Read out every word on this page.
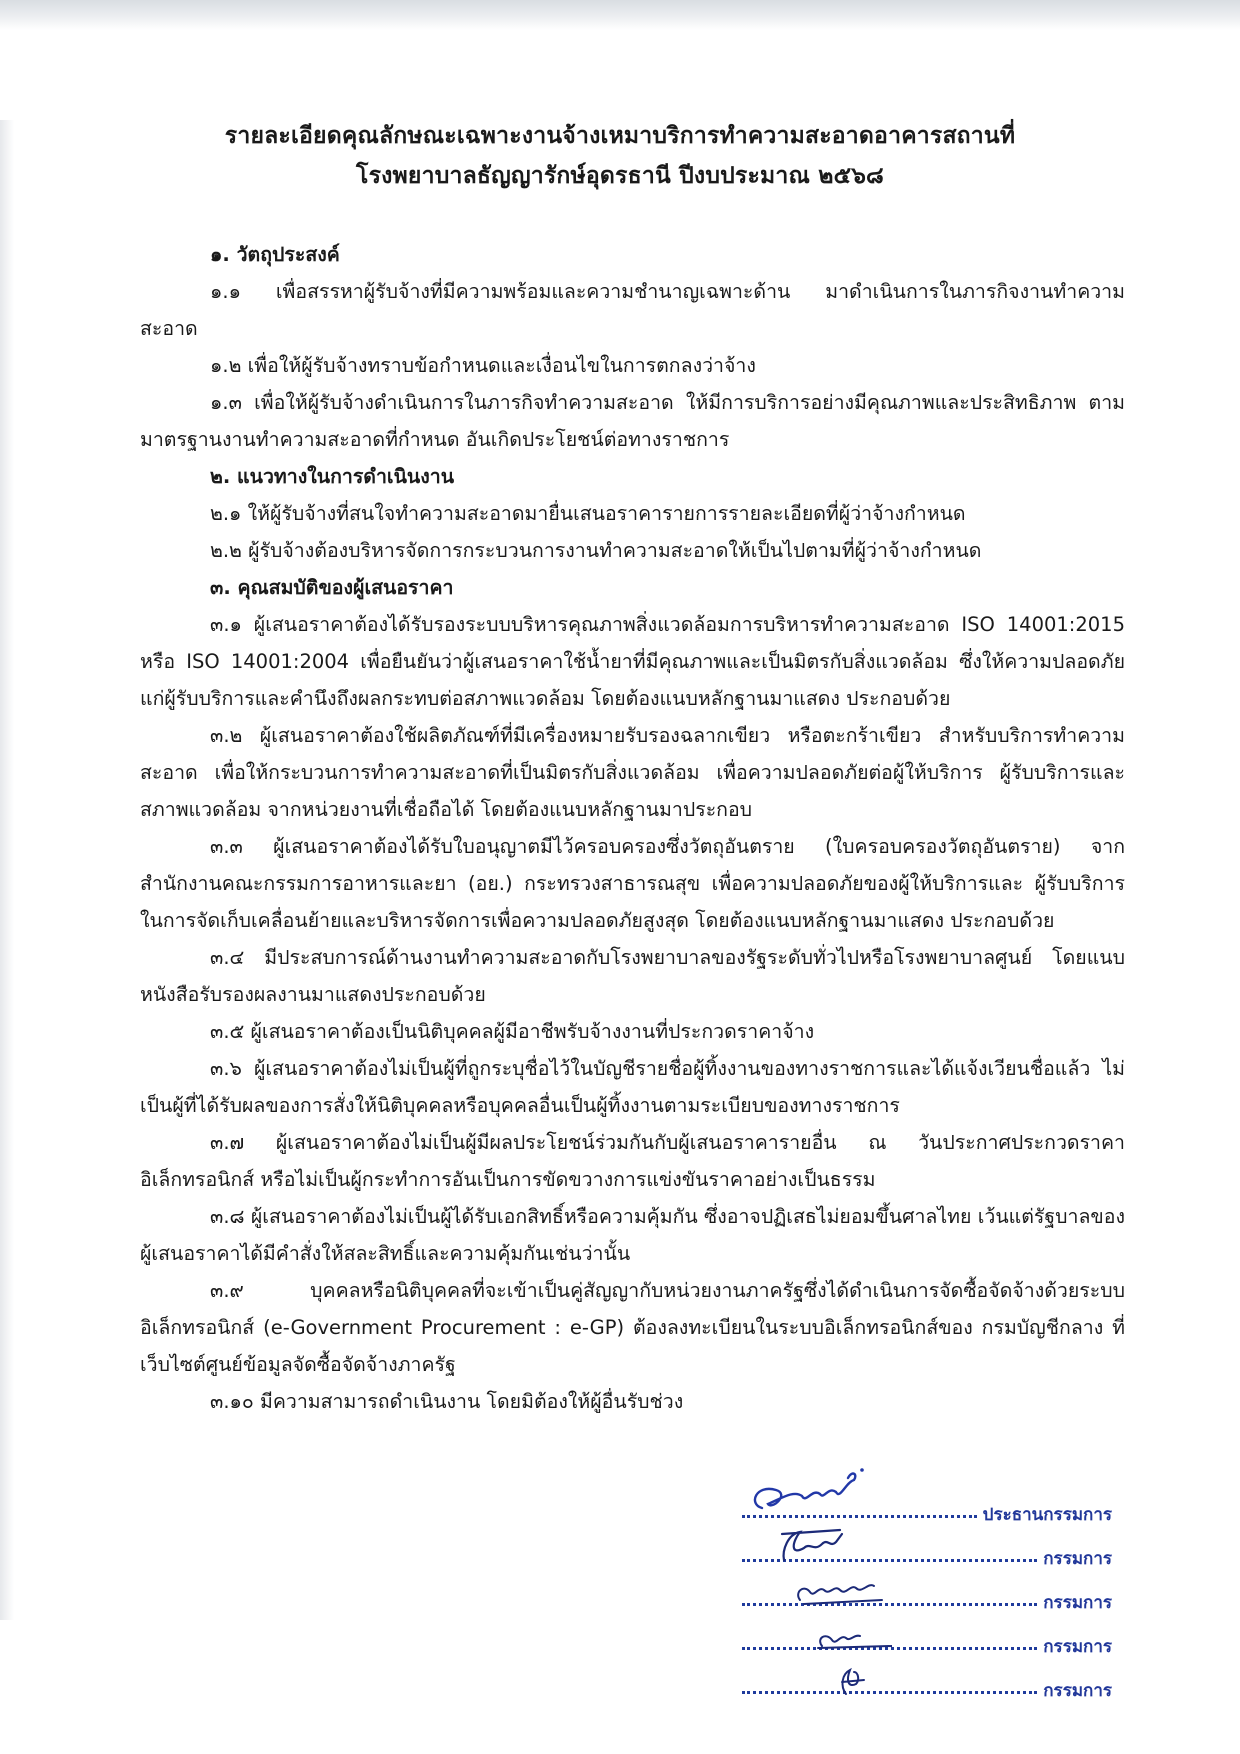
รายละเอียดคุณลักษณะเฉพาะงานจ้างเหมาบริการทำความสะอาดอาคารสถานที่
โรงพยาบาลธัญญารักษ์อุดรธานี ปีงบประมาณ ๒๕๖๘

๑. วัตถุประสงค์

๑.๑ เพื่อสรรหาผู้รับจ้างที่มีความพร้อมและความชำนาญเฉพาะด้าน มาดำเนินการในภารกิจงานทำความสะอาด

๑.๒ เพื่อให้ผู้รับจ้างทราบข้อกำหนดและเงื่อนไขในการตกลงว่าจ้าง

๑.๓ เพื่อให้ผู้รับจ้างดำเนินการในภารกิจทำความสะอาด ให้มีการบริการอย่างมีคุณภาพและประสิทธิภาพ ตามมาตรฐานงานทำความสะอาดที่กำหนด อันเกิดประโยชน์ต่อทางราชการ

๒. แนวทางในการดำเนินงาน

๒.๑ ให้ผู้รับจ้างที่สนใจทำความสะอาดมายื่นเสนอราคารายการรายละเอียดที่ผู้ว่าจ้างกำหนด

๒.๒ ผู้รับจ้างต้องบริหารจัดการกระบวนการงานทำความสะอาดให้เป็นไปตามที่ผู้ว่าจ้างกำหนด

๓. คุณสมบัติของผู้เสนอราคา

๓.๑ ผู้เสนอราคาต้องได้รับรองระบบบริหารคุณภาพสิ่งแวดล้อมการบริหารทำความสะอาด ISO 14001:2015 หรือ ISO 14001:2004 เพื่อยืนยันว่าผู้เสนอราคาใช้น้ำยาที่มีคุณภาพและเป็นมิตรกับสิ่งแวดล้อม ซึ่งให้ความปลอดภัยแก่ผู้รับบริการและคำนึงถึงผลกระทบต่อสภาพแวดล้อม โดยต้องแนบหลักฐานมาแสดง ประกอบด้วย

๓.๒ ผู้เสนอราคาต้องใช้ผลิตภัณฑ์ที่มีเครื่องหมายรับรองฉลากเขียว หรือตะกร้าเขียว สำหรับบริการทำความสะอาด เพื่อให้กระบวนการทำความสะอาดที่เป็นมิตรกับสิ่งแวดล้อม เพื่อความปลอดภัยต่อผู้ให้บริการ ผู้รับบริการและสภาพแวดล้อม จากหน่วยงานที่เชื่อถือได้ โดยต้องแนบหลักฐานมาประกอบ

๓.๓ ผู้เสนอราคาต้องได้รับใบอนุญาตมีไว้ครอบครองซึ่งวัตถุอันตราย (ใบครอบครองวัตถุอันตราย) จาก สำนักงานคณะกรรมการอาหารและยา (อย.) กระทรวงสาธารณสุข เพื่อความปลอดภัยของผู้ให้บริการและ ผู้รับบริการในการจัดเก็บเคลื่อนย้ายและบริหารจัดการเพื่อความปลอดภัยสูงสุด โดยต้องแนบหลักฐานมาแสดง ประกอบด้วย

๓.๔ มีประสบการณ์ด้านงานทำความสะอาดกับโรงพยาบาลของรัฐระดับทั่วไปหรือโรงพยาบาลศูนย์ โดยแนบหนังสือรับรองผลงานมาแสดงประกอบด้วย

๓.๕ ผู้เสนอราคาต้องเป็นนิติบุคคลผู้มีอาชีพรับจ้างงานที่ประกวดราคาจ้าง

๓.๖ ผู้เสนอราคาต้องไม่เป็นผู้ที่ถูกระบุชื่อไว้ในบัญชีรายชื่อผู้ทิ้งงานของทางราชการและได้แจ้งเวียนชื่อแล้ว ไม่เป็นผู้ที่ได้รับผลของการสั่งให้นิติบุคคลหรือบุคคลอื่นเป็นผู้ทิ้งงานตามระเบียบของทางราชการ

๓.๗ ผู้เสนอราคาต้องไม่เป็นผู้มีผลประโยชน์ร่วมกันกับผู้เสนอราคารายอื่น ณ วันประกาศประกวดราคา อิเล็กทรอนิกส์ หรือไม่เป็นผู้กระทำการอันเป็นการขัดขวางการแข่งขันราคาอย่างเป็นธรรม

๓.๘ ผู้เสนอราคาต้องไม่เป็นผู้ได้รับเอกสิทธิ์หรือความคุ้มกัน ซึ่งอาจปฏิเสธไม่ยอมขึ้นศาลไทย เว้นแต่รัฐบาลของผู้เสนอราคาได้มีคำสั่งให้สละสิทธิ์และความคุ้มกันเช่นว่านั้น

๓.๙ บุคคลหรือนิติบุคคลที่จะเข้าเป็นคู่สัญญากับหน่วยงานภาครัฐซึ่งได้ดำเนินการจัดซื้อจัดจ้างด้วยระบบ อิเล็กทรอนิกส์ (e-Government Procurement : e-GP) ต้องลงทะเบียนในระบบอิเล็กทรอนิกส์ของ กรมบัญชีกลาง ที่เว็บไซต์ศูนย์ข้อมูลจัดซื้อจัดจ้างภาครัฐ

๓.๑๐ มีความสามารถดำเนินงาน โดยมิต้องให้ผู้อื่นรับช่วง

ประธานกรรมการ
กรรมการ
กรรมการ
กรรมการ
กรรมการ
